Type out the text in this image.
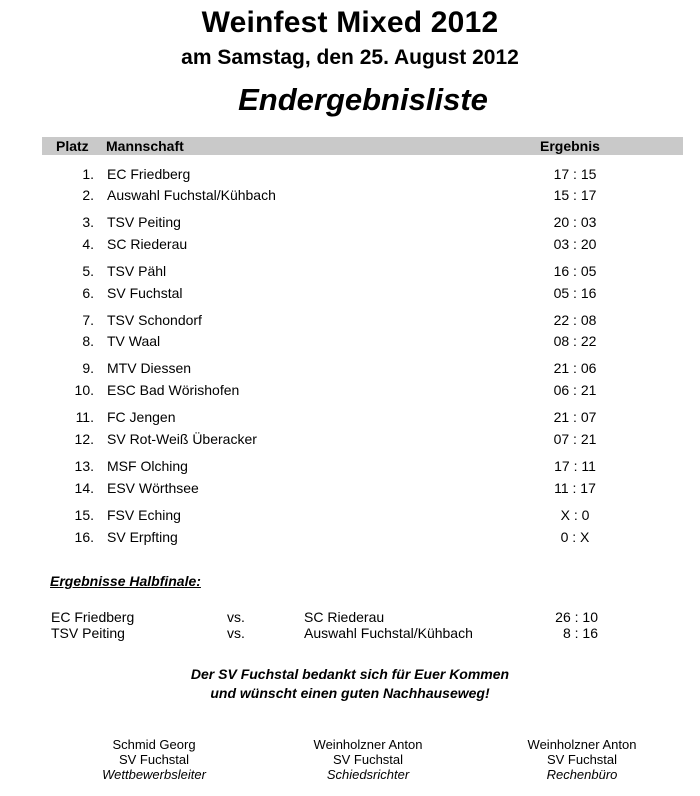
Weinfest Mixed 2012
am Samstag, den 25. August 2012
Endergebnisliste
Platz Mannschaft	Ergebnis
1. EC Friedberg	17 : 15
2. Auswahl Fuchstal/Kühbach	15 : 17
3. TSV Peiting	20 : 03
4. SC Riederau	03 : 20
5. TSV Pähl	16 : 05
6. SV Fuchstal	05 : 16
7. TSV Schondorf	22 : 08
8. TV Waal	08 : 22
9. MTV Diessen	21 : 06
10. ESC Bad Wörishofen	06 : 21
11. FC Jengen	21 : 07
12. SV Rot-Weiß Überacker	07 : 21
13. MSF Olching	17 : 11
14. ESV Wörthsee	11 : 17
15. FSV Eching	X : 0
16. SV Erpfting	0 : X
Ergebnisse Halbfinale:
EC Friedberg	vs.	SC Riederau	26 : 10
TSV Peiting	vs.	Auswahl Fuchstal/Kühbach	8 : 16
Der SV Fuchstal bedankt sich für Euer Kommen
und wünscht einen guten Nachhauseweg!
Schmid Georg
SV Fuchstal
Wettbewerbsleiter
Weinholzner Anton
SV Fuchstal
Schiedsrichter
Weinholzner Anton
SV Fuchstal
Rechenbüro
